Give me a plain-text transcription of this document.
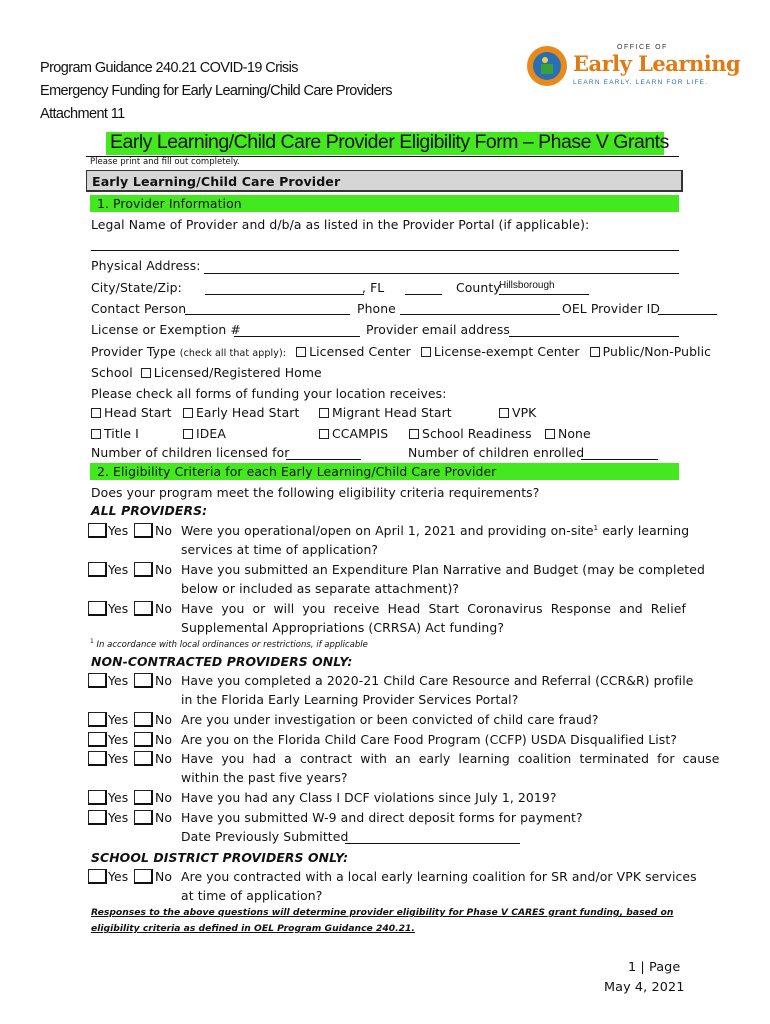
Program Guidance 240.21 COVID-19 Crisis
Emergency Funding for Early Learning/Child Care Providers
Attachment 11
OFFICE OF
Early Learning
LEARN EARLY. LEARN FOR LIFE.
Early Learning/Child Care Provider Eligibility Form – Phase V Grants
Please print and fill out completely.
Early Learning/Child Care Provider
1. Provider Information
Legal Name of Provider and d/b/a as listed in the Provider Portal (if applicable):
Physical Address:
City/State/Zip:	, FL	County
Hillsborough
Contact Person	Phone	OEL Provider ID
License or Exemption #	Provider email address
Provider Type (check all that apply): Licensed Center License-exempt Center Public/Non-Public
School Licensed/Registered Home
Please check all forms of funding your location receives:
Head Start	Early Head Start	Migrant Head Start	VPK
Title I	IDEA	CCAMPIS	School Readiness	None
Number of children licensed for	Number of children enrolled
2. Eligibility Criteria for each Early Learning/Child Care Provider
Does your program meet the following eligibility criteria requirements?
ALL PROVIDERS:
Yes No Were you operational/open on April 1, 2021 and providing on-site$^1$ early learning
services at time of application?
Yes No Have you submitted an Expenditure Plan Narrative and Budget (may be completed
below or included as separate attachment)?
Yes No Have  you  or  will  you  receive  Head  Start  Coronavirus  Response  and  Relief
Supplemental Appropriations (CRRSA) Act funding?
$^1$ In accordance with local ordinances or restrictions, if applicable
NON-CONTRACTED PROVIDERS ONLY:
Yes No Have you completed a 2020-21 Child Care Resource and Referral (CCR&R) profile
in the Florida Early Learning Provider Services Portal?
Yes No Are you under investigation or been convicted of child care fraud?
Yes No Are you on the Florida Child Care Food Program (CCFP) USDA Disqualified List?
Yes No Have  you  had  a  contract  with  an  early  learning  coalition  terminated  for  cause
within the past five years?
Yes No Have you had any Class I DCF violations since July 1, 2019?
Yes No Have you submitted W-9 and direct deposit forms for payment?
Date Previously Submitted
SCHOOL DISTRICT PROVIDERS ONLY:
Yes No Are you contracted with a local early learning coalition for SR and/or VPK services
at time of application?
Responses to the above questions will determine provider eligibility for Phase V CARES grant funding, based on
eligibility criteria as defined in OEL Program Guidance 240.21.
1 | Page
May 4, 2021
